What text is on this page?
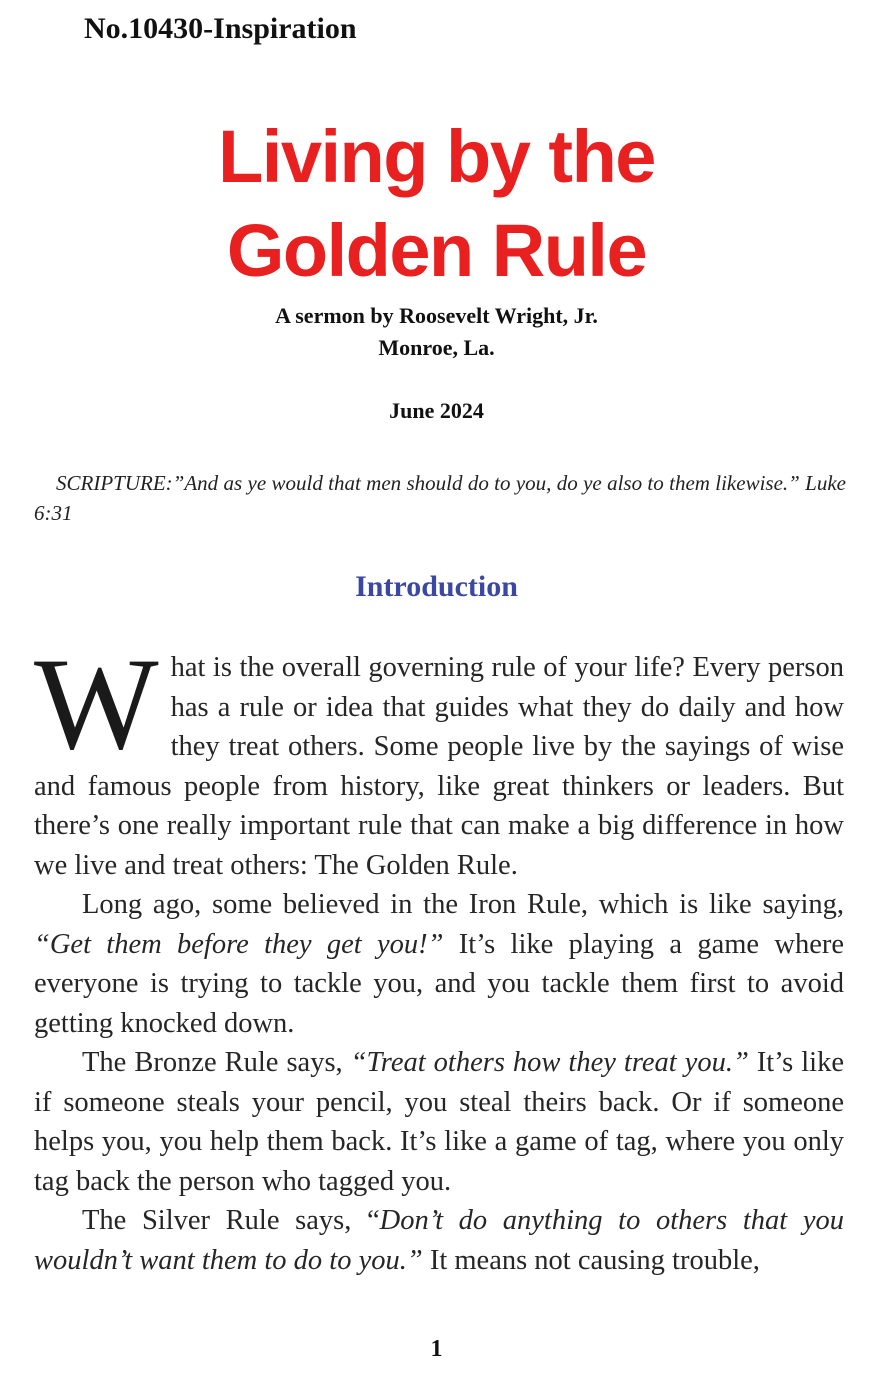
No.10430-Inspiration
Living by the
Golden Rule
A sermon by Roosevelt Wright, Jr.
Monroe, La.
June 2024
SCRIPTURE:”And as ye would that men should do to you, do ye also to them likewise.” Luke 6:31
Introduction

What is the overall governing rule of your life? Every person has a rule or idea that guides what they do daily and how they treat others. Some people live by the sayings of wise and famous people from history, like great thinkers or leaders. But there’s one really important rule that can make a big difference in how we live and treat others: The Golden Rule.

Long ago, some believed in the Iron Rule, which is like saying, “Get them before they get you!” It’s like playing a game where everyone is trying to tackle you, and you tackle them first to avoid getting knocked down.

The Bronze Rule says, “Treat others how they treat you.” It’s like if someone steals your pencil, you steal theirs back. Or if someone helps you, you help them back. It’s like a game of tag, where you only tag back the person who tagged you.

The Silver Rule says, “Don’t do anything to others that you wouldn’t want them to do to you.” It means not causing trouble,

1
